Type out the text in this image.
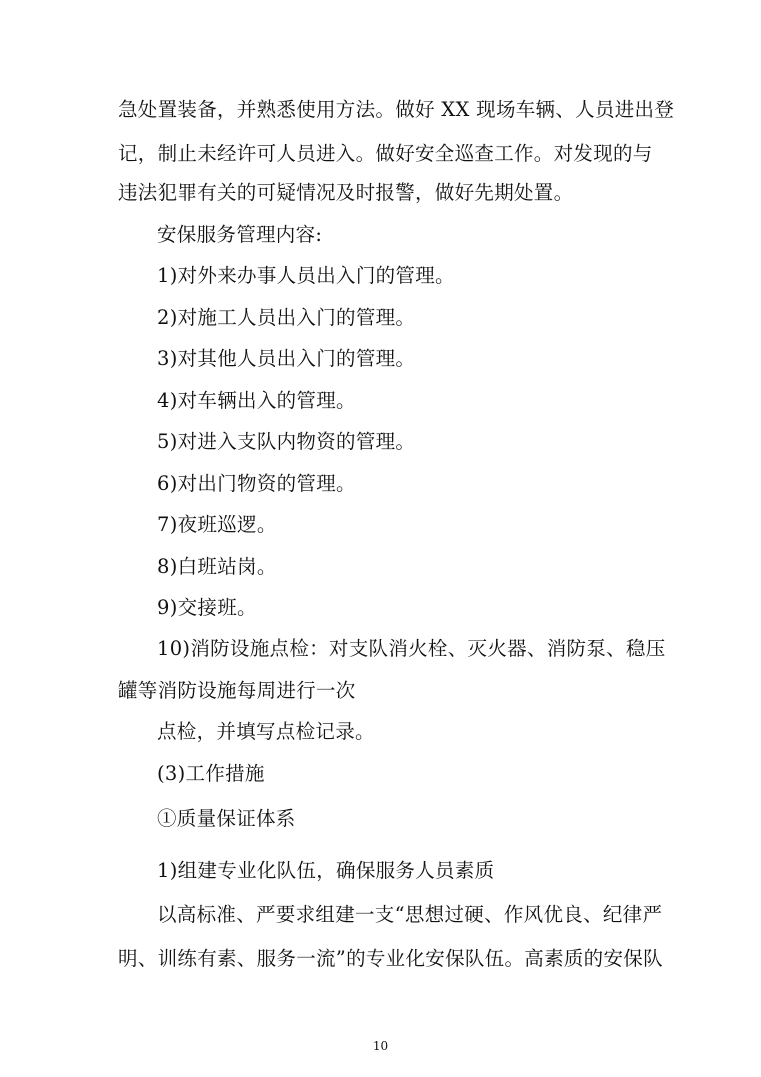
急处置装备，并熟悉使用方法。做好 XX 现场车辆、人员进出登
记，制止未经许可人员进入。做好安全巡查工作。对发现的与
违法犯罪有关的可疑情况及时报警，做好先期处置。
安保服务管理内容:
1)对外来办事人员出入门的管理。
2)对施工人员出入门的管理。
3)对其他人员出入门的管理。
4)对车辆出入的管理。
5)对进入支队内物资的管理。
6)对出门物资的管理。
7)夜班巡逻。
8)白班站岗。
9)交接班。
10)消防设施点检：对支队消火栓、灭火器、消防泵、稳压
罐等消防设施每周进行一次
点检，并填写点检记录。
(3)工作措施
①质量保证体系
1)组建专业化队伍，确保服务人员素质
以高标准、严要求组建一支“思想过硬、作风优良、纪律严
明、训练有素、服务一流”的专业化安保队伍。高素质的安保队
10
